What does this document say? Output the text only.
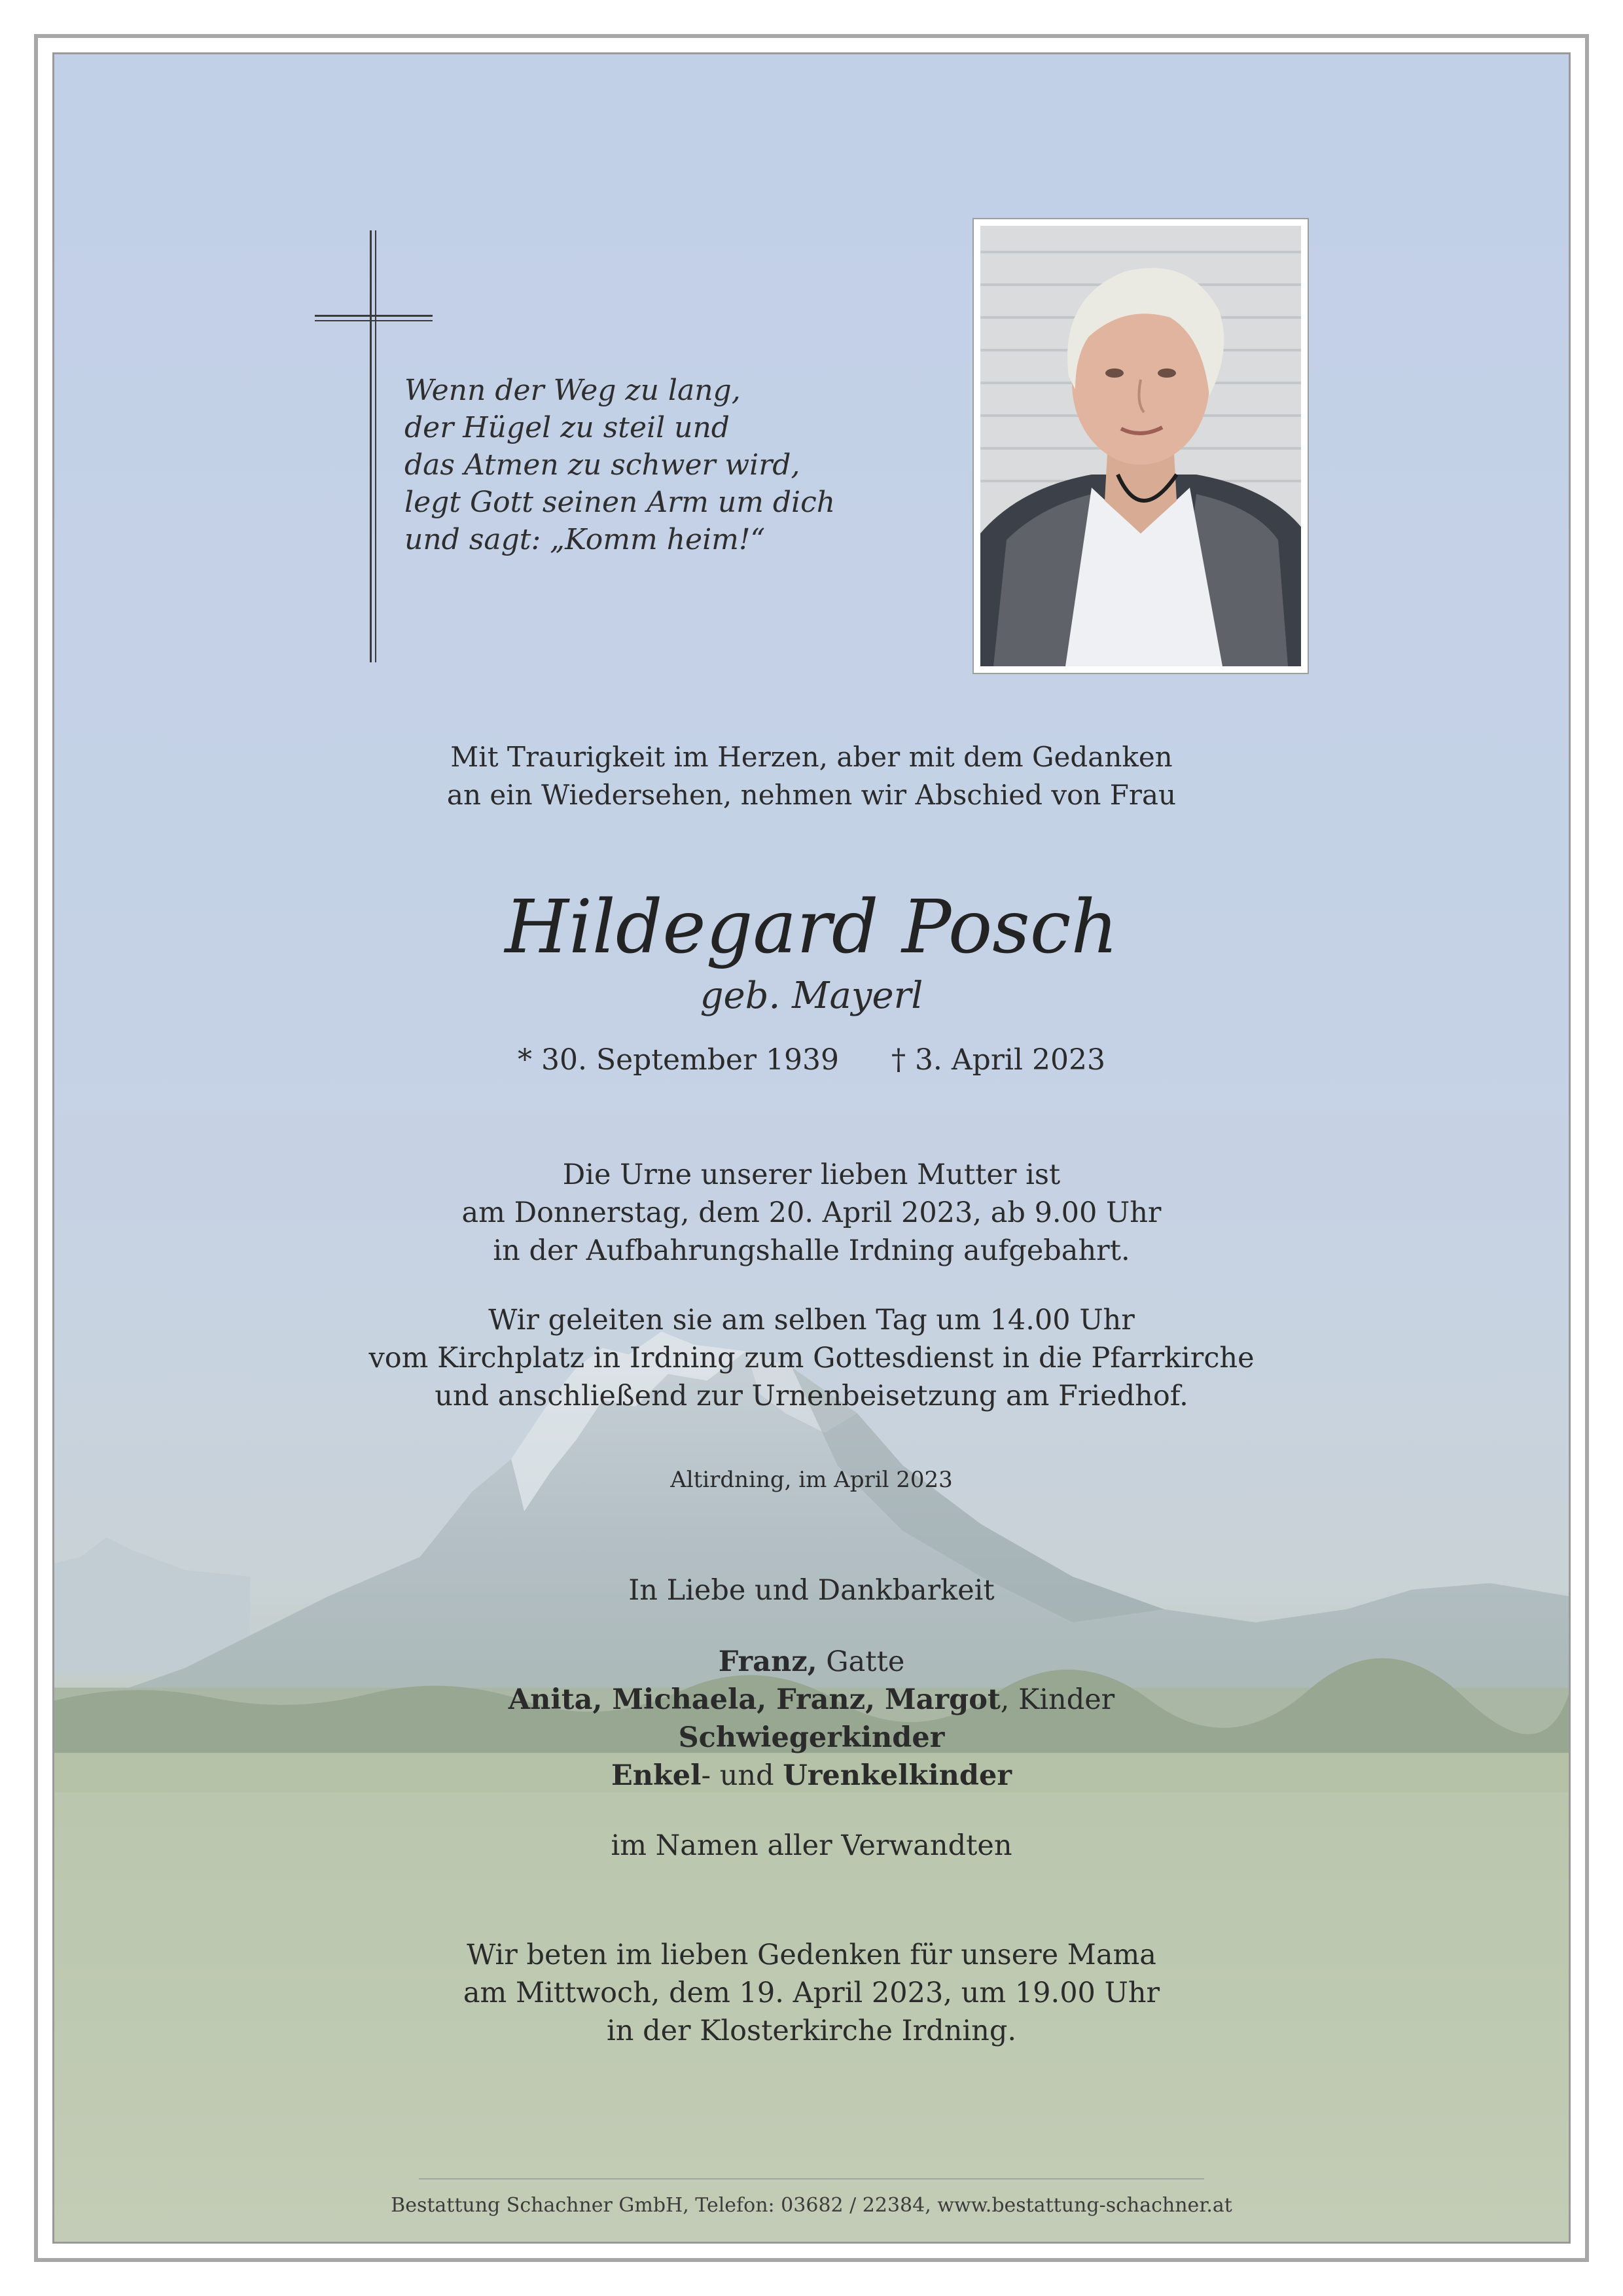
Wenn der Weg zu lang,
der Hügel zu steil und
das Atmen zu schwer wird,
legt Gott seinen Arm um dich
und sagt: „Komm heim!“
Mit Traurigkeit im Herzen, aber mit dem Gedanken
an ein Wiedersehen, nehmen wir Abschied von Frau
Hildegard Posch
geb. Mayerl
* 30. September 1939 † 3. April 2023
Die Urne unserer lieben Mutter ist
am Donnerstag, dem 20. April 2023, ab 9.00 Uhr
in der Aufbahrungshalle Irdning aufgebahrt.
Wir geleiten sie am selben Tag um 14.00 Uhr
vom Kirchplatz in Irdning zum Gottesdienst in die Pfarrkirche
und anschließend zur Urnenbeisetzung am Friedhof.
Altirdning, im April 2023
In Liebe und Dankbarkeit
Franz, Gatte
Anita, Michaela, Franz, Margot, Kinder
Schwiegerkinder
Enkel- und Urenkelkinder
im Namen aller Verwandten
Wir beten im lieben Gedenken für unsere Mama
am Mittwoch, dem 19. April 2023, um 19.00 Uhr
in der Klosterkirche Irdning.
Bestattung Schachner GmbH, Telefon: 03682 / 22384, www.bestattung-schachner.at
